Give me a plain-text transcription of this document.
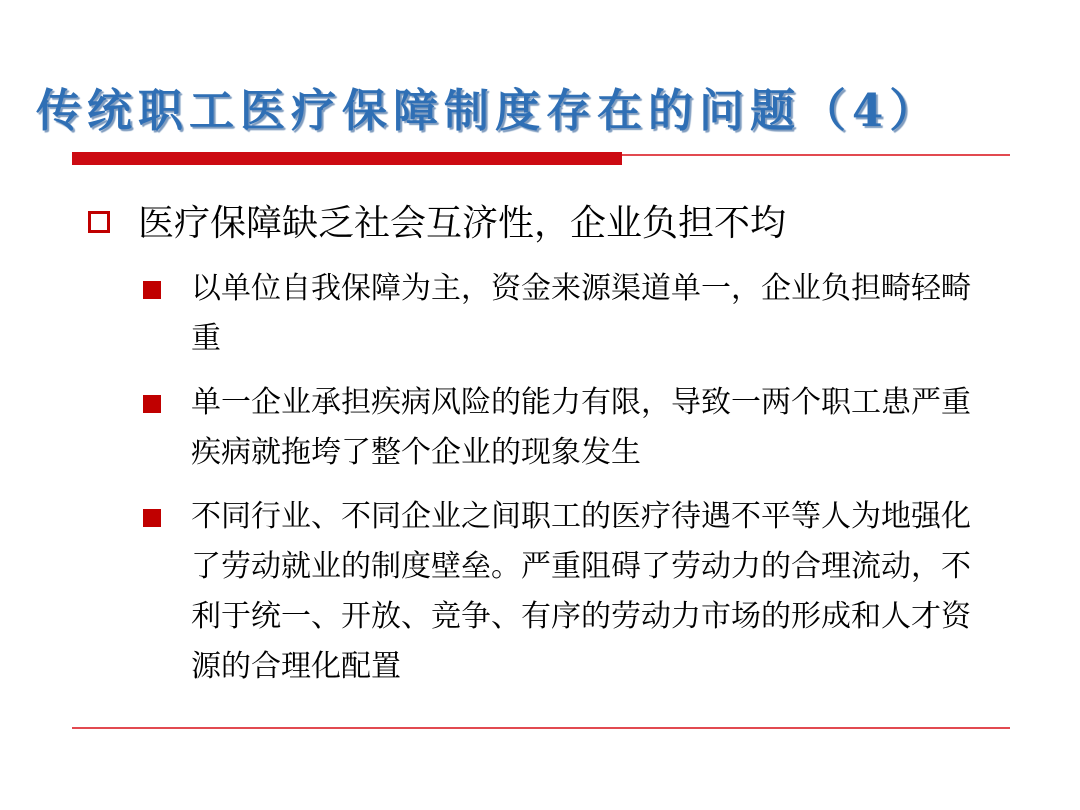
传统职工医疗保障制度存在的问题（4）
医疗保障缺乏社会互济性，企业负担不均
以单位自我保障为主，资金来源渠道单一，企业负担畸轻畸重
单一企业承担疾病风险的能力有限，导致一两个职工患严重疾病就拖垮了整个企业的现象发生
不同行业、不同企业之间职工的医疗待遇不平等人为地强化了劳动就业的制度壁垒。严重阻碍了劳动力的合理流动，不利于统一、开放、竞争、有序的劳动力市场的形成和人才资源的合理化配置
